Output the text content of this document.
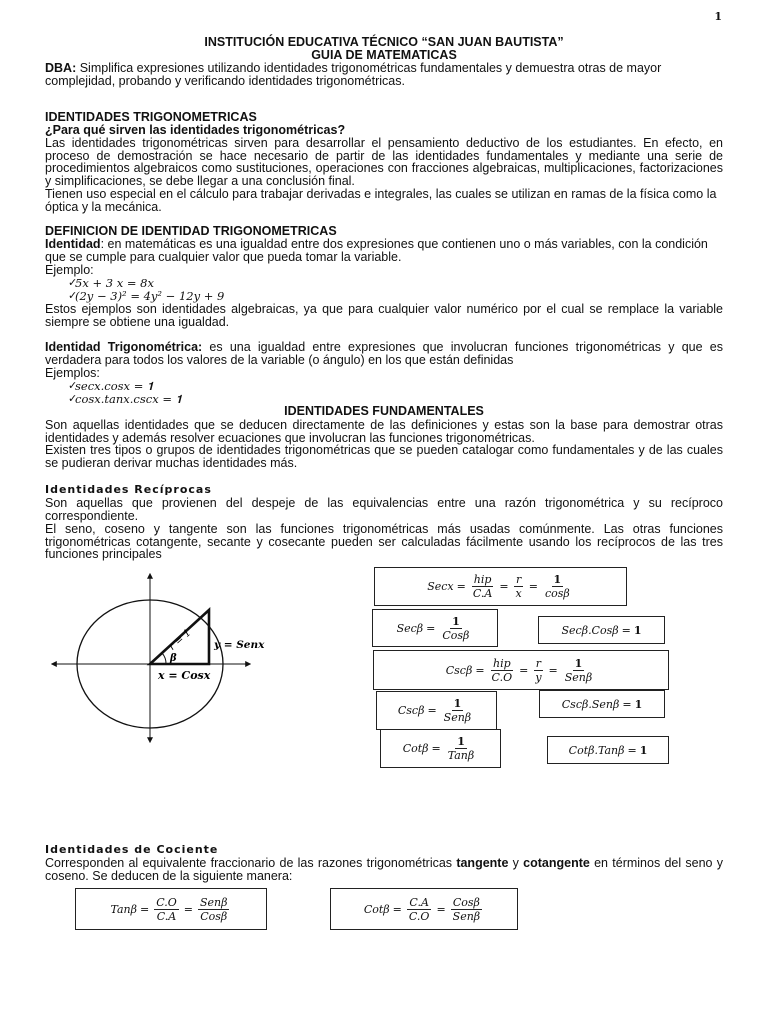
1
INSTITUCIÓN EDUCATIVA TÉCNICO “SAN JUAN BAUTISTA”
GUIA DE MATEMATICAS
DBA: Simplifica expresiones utilizando identidades trigonométricas fundamentales y demuestra otras de mayor complejidad, probando y verificando identidades trigonométricas.
IDENTIDADES TRIGONOMETRICAS
¿Para qué sirven las identidades trigonométricas?
Las identidades trigonométricas sirven para desarrollar el pensamiento deductivo de los estudiantes. En efecto, en proceso de demostración se hace necesario de partir de las identidades fundamentales y mediante una serie de procedimientos algebraicos como sustituciones, operaciones con fracciones algebraicas, multiplicaciones, factorizaciones y simplificaciones, se debe llegar a una conclusión final.
Tienen uso especial en el cálculo para trabajar derivadas e integrales, las cuales se utilizan en ramas de la física como la óptica y la mecánica.
DEFINICION DE IDENTIDAD TRIGONOMETRICAS
Identidad: en matemáticas es una igualdad entre dos expresiones que contienen uno o más variables, con la condición que se cumple para cualquier valor que pueda tomar la variable.
Ejemplo:
✓
5𝑥 + 3 𝑥 = 8𝑥
✓
(2𝑦 − 3)² = 4𝑦² − 12𝑦 + 9
Estos ejemplos son identidades algebraicas, ya que para cualquier valor numérico por el cual se remplace la variable siempre se obtiene una igualdad.
Identidad Trigonométrica: es una igualdad entre expresiones que involucran funciones trigonométricas y que es verdadera para todos los valores de la variable (o ángulo) en los que están definidas
Ejemplos:
✓
𝑠𝑒𝑐𝑥.𝑐𝑜𝑠𝑥 = 𝟏
✓
𝑐𝑜𝑠𝑥.𝑡𝑎𝑛𝑥.𝑐𝑠𝑐𝑥 = 𝟏
IDENTIDADES FUNDAMENTALES
Son aquellas identidades que se deducen directamente de las definiciones y estas son la base para demostrar otras identidades y además resolver ecuaciones que involucran las funciones trigonométricas.
Existen tres tipos o grupos de identidades trigonométricas que se pueden catalogar como fundamentales y de las cuales se pudieran derivar muchas identidades más.
Identidades Recíprocas
Son aquellas que provienen del despeje de las equivalencias entre una razón trigonométrica y su recíproco correspondiente.
El seno, coseno y tangente son las funciones trigonométricas más usadas comúnmente. Las otras funciones trigonométricas cotangente, secante y cosecante pueden ser calculadas fácilmente usando los recíprocos de las tres funciones principales
r = 1
β
y = Senx
x = Cosx
Secx = $\frac{\text{hip}}{C.A} = \frac{r}{x} = \frac{1}{\cos\beta}$
$Sec\beta = \frac{1}{\text{Cosβ}}$	Secβ.Cosβ = 1
$Csc\beta = \frac{\text{hip}}{C.O} = \frac{r}{y} = \frac{1}{\text{Senβ}}$
$Csc\beta = \frac{1}{\text{Senβ}}$	Cscβ.Senβ = 1
$Cot\beta = \frac{1}{\text{Tanβ}}$	Cotβ.Tanβ = 1
Identidades de Cociente
Corresponden al equivalente fraccionario de las razones trigonométricas tangente y cotangente en términos del seno y coseno. Se deducen de la siguiente manera:
$Tan\beta = \frac{C.O}{C.A} = \frac{\text{Senβ}}{\text{Cosβ}}$	$Cot\beta = \frac{C.A}{C.O} = \frac{\text{Cosβ}}{\text{Senβ}}$
